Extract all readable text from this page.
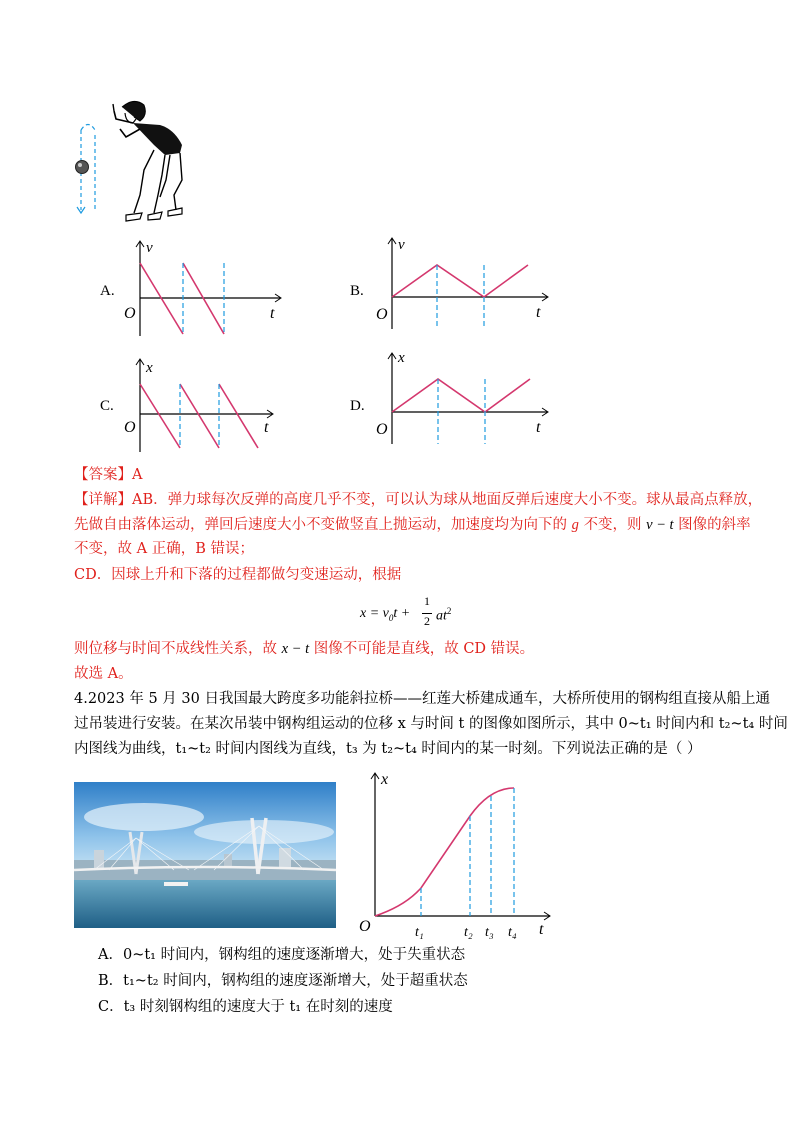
A.
v
O	t
B.
v
O	t
C.
x
O	t
D.
x
O	t
【答案】A
【详解】AB．弹力球每次反弹的高度几乎不变，可以认为球从地面反弹后速度大小不变。球从最高点释放，
先做自由落体运动，弹回后速度大小不变做竖直上抛运动，加速度均为向下的 g 不变，则 v − t 图像的斜率
不变，故 A 正确，B 错误；
CD．因球上升和下落的过程都做匀变速运动，根据
$x = v_0t$ +
1
2 $at^2$
则位移与时间不成线性关系，故 x − t 图像不可能是直线，故 CD 错误。
故选 A。
4.2023 年 5 月 30 日我国最大跨度多功能斜拉桥——红莲大桥建成通车，大桥所使用的钢构组直接从船上通
过吊装进行安装。在某次吊装中钢构组运动的位移 x 与时间 t 的图像如图所示，其中 0~t₁ 时间内和 t₂~t₄ 时间
内图线为曲线，t₁~t₂ 时间内图线为直线，t₃ 为 t₂~t₄ 时间内的某一时刻。下列说法正确的是（ ）
x
O	t
t₁	t₂ t₃ t₄
A．0~t₁ 时间内，钢构组的速度逐渐增大，处于失重状态
B．t₁~t₂ 时间内，钢构组的速度逐渐增大，处于超重状态
C．t₃ 时刻钢构组的速度大于 t₁ 在时刻的速度
